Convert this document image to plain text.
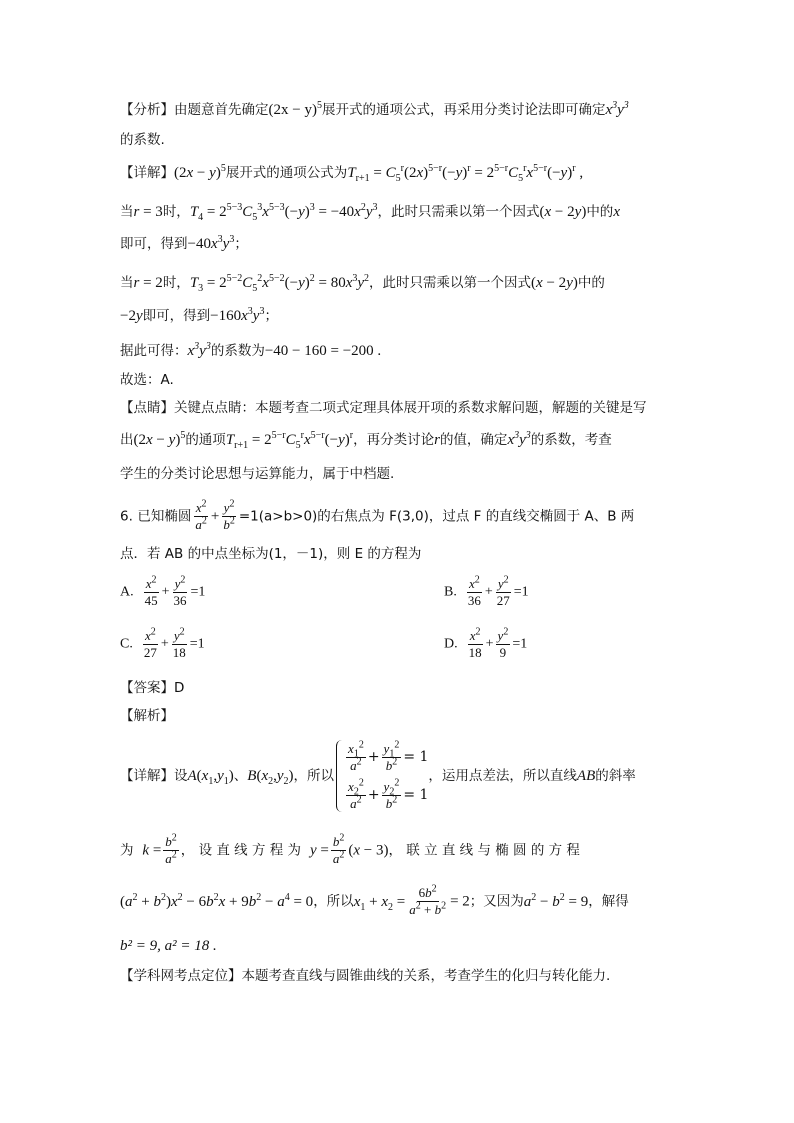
【分析】由题意首先确定$(2x - y)^5$展开式的通项公式，再采用分类讨论法即可确定$x^3y^3$
的系数.
【详解】$(2x - y)^5$展开式的通项公式为$T_{r+1} = C_5^r(2x)^{5-r}(-y)^r = 2^{5-r}C_5^rx^{5-r}(-y)^r$ ,
当r = 3时，$T_4 = 2^{5-3}C_5^3x^{5-3}(-y)^3 = -40x^2y^3$，此时只需乘以第一个因式(x − 2y)中的x
即可，得到$-40x^3y^3$；
当r = 2时，$T_3 = 2^{5-2}C_5^2x^{5-2}(-y)^2 = 80x^3y^2$，此时只需乘以第一个因式(x − 2y)中的
−2y即可，得到$-160x^3y^3$；
据此可得：$x^3y^3$的系数为−40 − 160 = −200 .
故选：A.
【点睛】关键点点睛：本题考查二项式定理具体展开项的系数求解问题，解题的关键是写
出$(2x - y)^5$的通项$T_{r+1} = 2^{5-r}C_5^rx^{5-r}(-y)^r$，再分类讨论r的值，确定$x^3y^3$的系数，考查
学生的分类讨论思想与运算能力，属于中档题.
6. 已知椭圆 $\frac{x^2}{a^2} + \frac{y^2}{b^2} =1(a>b>0)$的右焦点为 F(3,0)，过点 F 的直线交椭圆于 A、B 两
点．若 AB 的中点坐标为(1，－1)，则 E 的方程为
A. $\frac{x^2}{45} + \frac{y^2}{36} =1$	B. $\frac{x^2}{36} + \frac{y^2}{27} =1$
C. $\frac{x^2}{27} + \frac{y^2}{18} =1$	D. $\frac{x^2}{18} + \frac{y^2}{9} =1$
【答案】D
【解析】
【详解】 设 $A(x_1,y_1)$ 、 $B(x_2,y_2)$ ，所以
$\frac{x_1^2}{a^2} + \frac{y_1^2}{b^2} = 1$
$\frac{x_2^2}{a^2} + \frac{y_2^2}{b^2} = 1$
，运用点差法，所以直线 AB 的斜率
为 $k = \frac{b^2}{a^2}$ ， 设 直 线 方 程 为 $y = \frac{b^2}{a^2} (x - 3)$， 联 立 直 线 与 椭 圆 的 方 程
$(a^2 + b^2)x^2 - 6b^2x + 9b^2 - a^4 = 0$，所以$x_1 + x_2 = \frac{6b^2}{a^2 + b^2} = 2$；又因为$a^2 - b^2 = 9$，解得
b² = 9, a² = 18 .
【学科网考点定位】本题考查直线与圆锥曲线的关系，考查学生的化归与转化能力.
